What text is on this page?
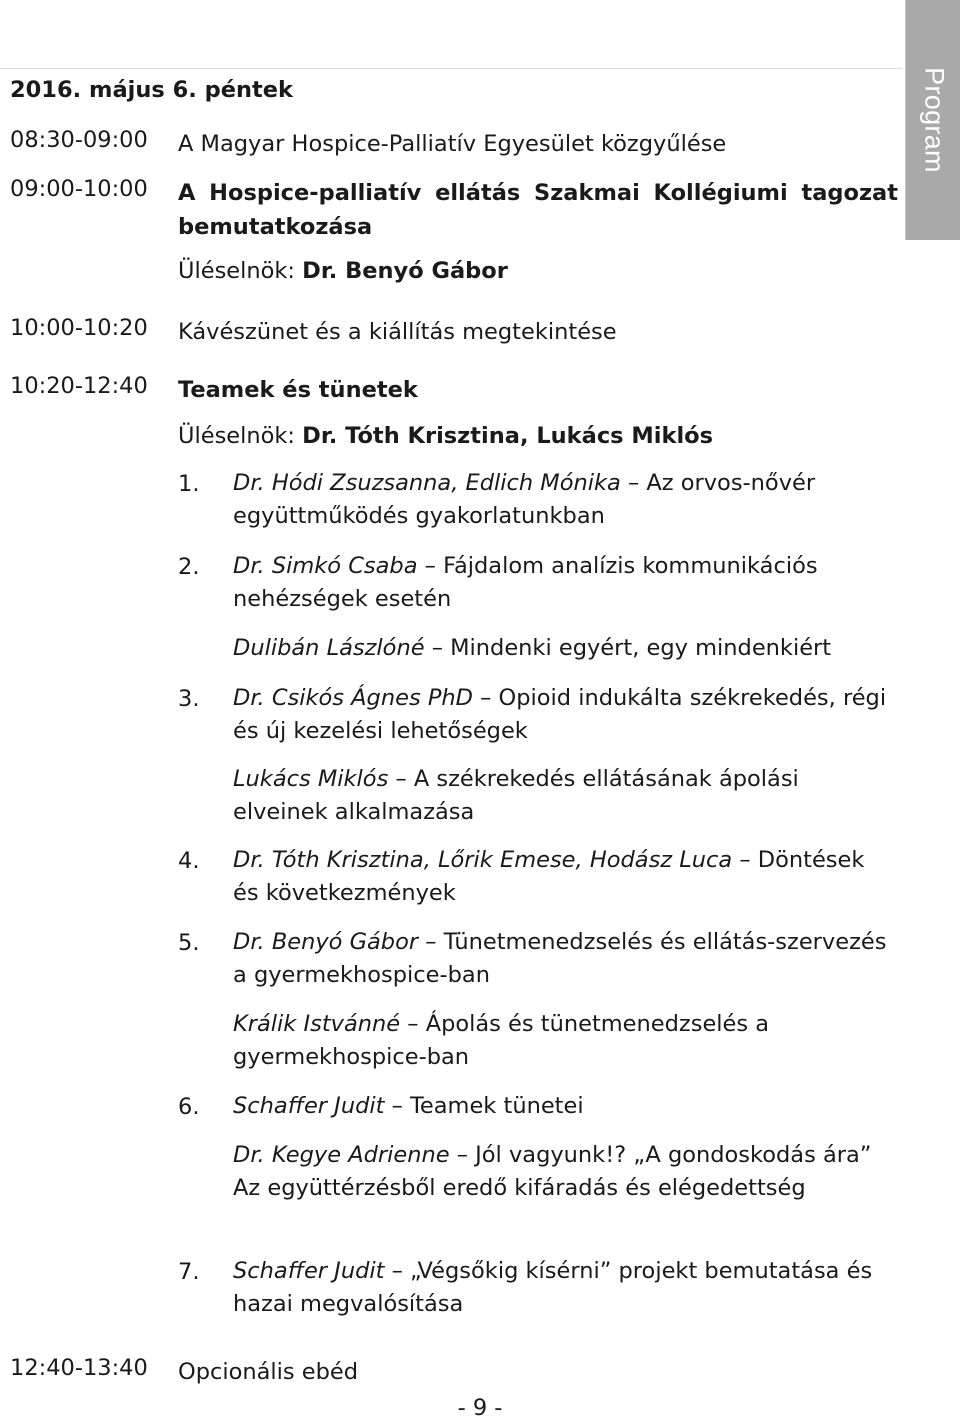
Program
2016. május 6. péntek
08:30-09:00 A Magyar Hospice-Palliatív Egyesület közgyűlése
09:00-10:00 A Hospice-palliatív ellátás Szakmai Kollégiumi tagozat bemutatkozása
Üléselnök: Dr. Benyó Gábor
10:00-10:20 Kávészünet és a kiállítás megtekintése
10:20-12:40 Teamek és tünetek
Üléselnök: Dr. Tóth Krisztina, Lukács Miklós
1. Dr. Hódi Zsuzsanna, Edlich Mónika – Az orvos-nővér együttműködés gyakorlatunkban
2. Dr. Simkó Csaba – Fájdalom analízis kommunikációs nehézségek esetén
Dulibán Lászlóné – Mindenki egyért, egy mindenkiért
3. Dr. Csikós Ágnes PhD – Opioid indukálta székrekedés, régi és új kezelési lehetőségek
Lukács Miklós – A székrekedés ellátásának ápolási elveinek alkalmazása
4. Dr. Tóth Krisztina, Lőrik Emese, Hodász Luca – Döntések és következmények
5. Dr. Benyó Gábor – Tünetmenedzselés és ellátás-szervezés a gyermekhospice-ban
Králik Istvánné – Ápolás és tünetmenedzselés a gyermekhospice-ban
6. Schaffer Judit – Teamek tünetei
Dr. Kegye Adrienne – Jól vagyunk!? „A gondoskodás ára” Az együttérzésből eredő kifáradás és elégedettség
7. Schaffer Judit – „Végsőkig kísérni” projekt bemutatása és hazai megvalósítása
12:40-13:40 Opcionális ebéd
- 9 -
